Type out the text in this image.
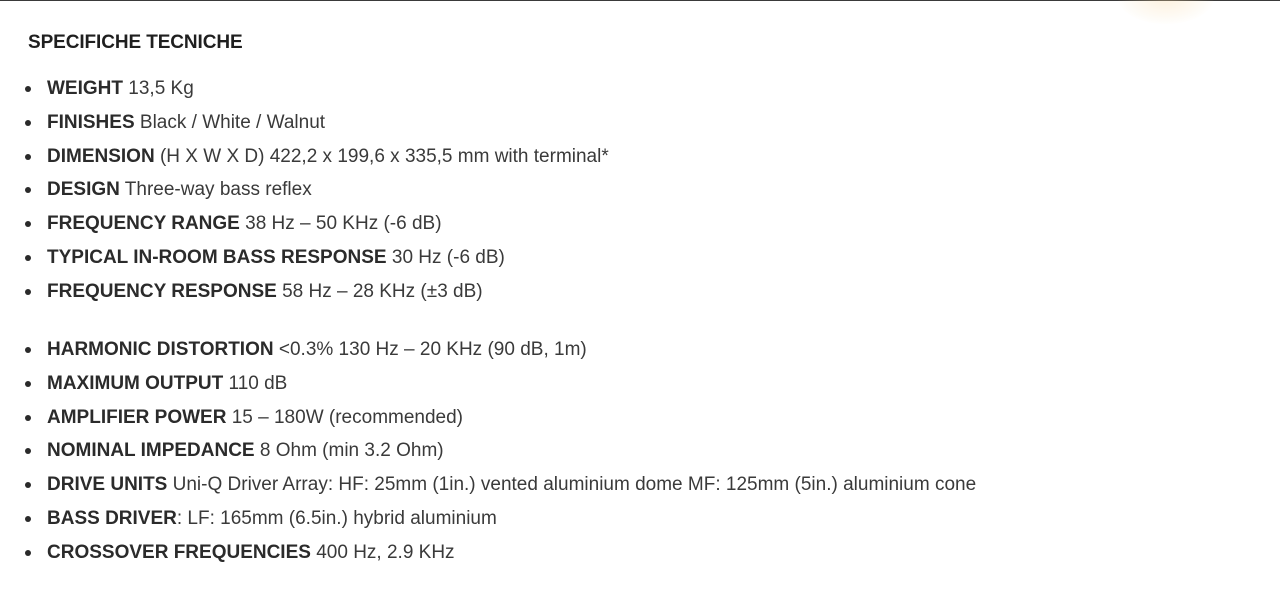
SPECIFICHE TECNICHE
WEIGHT 13,5 Kg
FINISHES Black / White / Walnut
DIMENSION (H X W X D) 422,2 x 199,6 x 335,5 mm with terminal*
DESIGN Three-way bass reflex
FREQUENCY RANGE 38 Hz – 50 KHz (-6 dB)
TYPICAL IN-ROOM BASS RESPONSE 30 Hz (-6 dB)
FREQUENCY RESPONSE 58 Hz – 28 KHz (±3 dB)
HARMONIC DISTORTION <0.3% 130 Hz – 20 KHz (90 dB, 1m)
MAXIMUM OUTPUT 110 dB
AMPLIFIER POWER 15 – 180W (recommended)
NOMINAL IMPEDANCE 8 Ohm (min 3.2 Ohm)
DRIVE UNITS Uni-Q Driver Array: HF: 25mm (1in.) vented aluminium dome MF: 125mm (5in.) aluminium cone
BASS DRIVER: LF: 165mm (6.5in.) hybrid aluminium
CROSSOVER FREQUENCIES 400 Hz, 2.9 KHz
